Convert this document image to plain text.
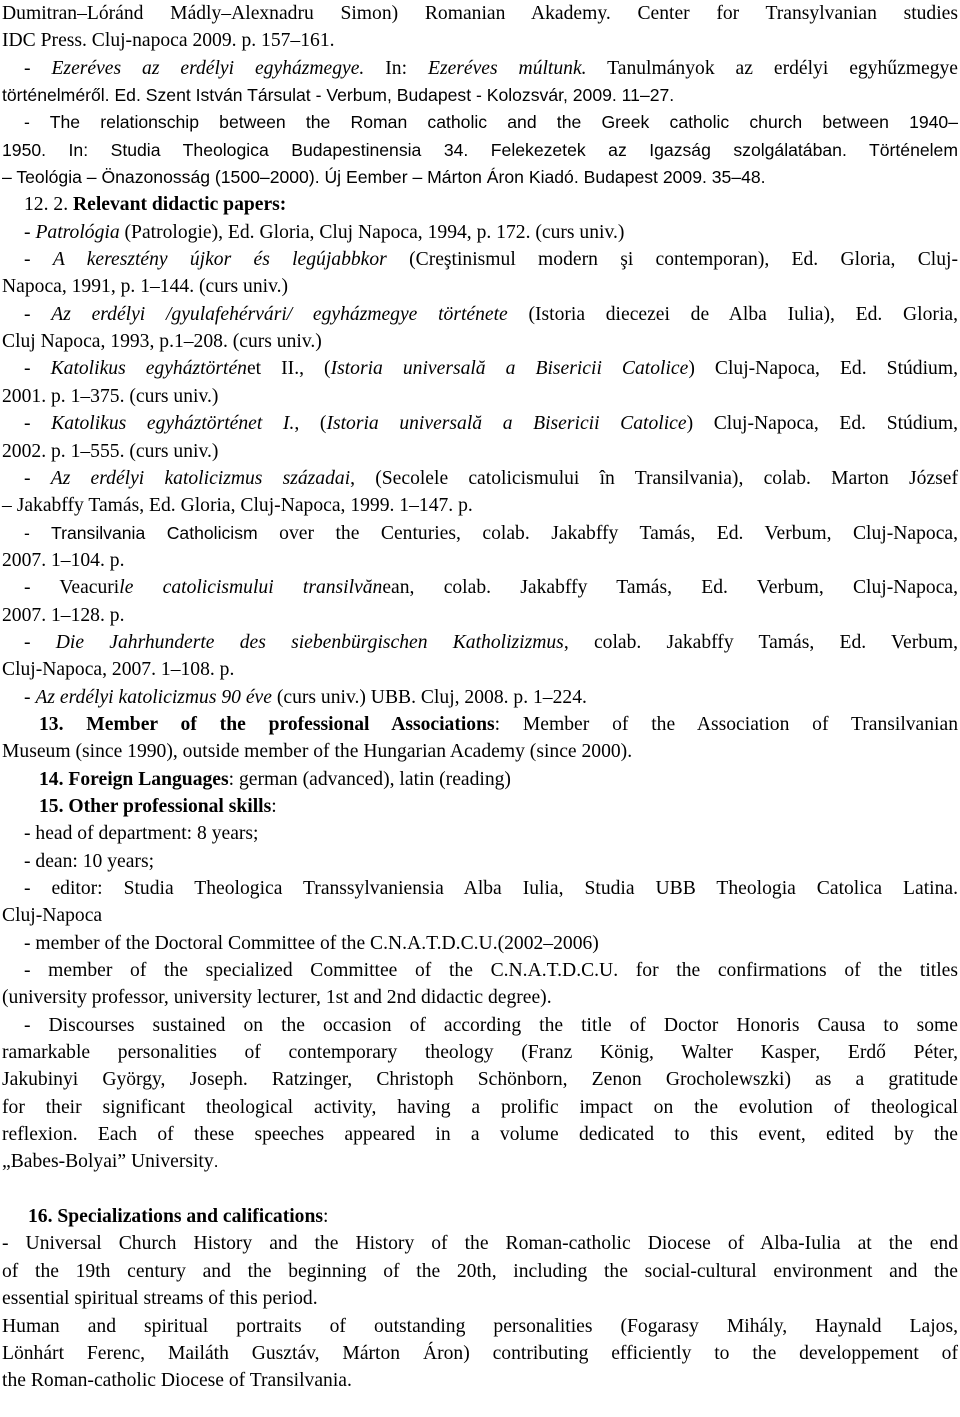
Dumitran–Lóránd Mádly–Alexnadru Simon) Romanian Akademy. Center for Transylvanian studies
IDC Press. Cluj-napoca 2009. p. 157–161.
- Ezeréves az erdélyi egyházmegye. In: Ezeréves múltunk. Tanulmányok az erdélyi egyhűzmegye
történelméről. Ed. Szent István Társulat - Verbum, Budapest - Kolozsvár, 2009. 11–27.
- The relationschip between the Roman catholic and the Greek catholic church between 1940–
1950. In: Studia Theologica Budapestinensia 34. Felekezetek az Igazság szolgálatában. Történelem
– Teológia – Önazonosság (1500–2000). Új Eember – Márton Áron Kiadó. Budapest 2009. 35–48.
12. 2. Relevant didactic papers:
- Patrológia (Patrologie), Ed. Gloria, Cluj Napoca, 1994, p. 172. (curs univ.)
- A keresztény újkor és legújabbkor (Creştinismul modern şi contemporan), Ed. Gloria, Cluj-
Napoca, 1991, p. 1–144. (curs univ.)
- Az erdélyi /gyulafehérvári/ egyházmegye története (Istoria diecezei de Alba Iulia), Ed. Gloria,
Cluj Napoca, 1993, p.1–208. (curs univ.)
- Katolikus egyháztörténet II., (Istoria universală a Bisericii Catolice) Cluj-Napoca, Ed. Stúdium,
2001. p. 1–375. (curs univ.)
- Katolikus egyháztörténet I., (Istoria universală a Bisericii Catolice) Cluj-Napoca, Ed. Stúdium,
2002. p. 1–555. (curs univ.)
- Az erdélyi katolicizmus századai, (Secolele catolicismului în Transilvania), colab. Marton József
– Jakabffy Tamás, Ed. Gloria, Cluj-Napoca, 1999. 1–147. p.
- Transilvania Catholicism over the Centuries, colab. Jakabffy Tamás, Ed. Verbum, Cluj-Napoca,
2007. 1–104. p.
- Veacurile catolicismului transilvănean, colab. Jakabffy Tamás, Ed. Verbum, Cluj-Napoca,
2007. 1–128. p.
- Die Jahrhunderte des siebenbürgischen Katholizizmus, colab. Jakabffy Tamás, Ed. Verbum,
Cluj-Napoca, 2007. 1–108. p.
- Az erdélyi katolicizmus 90 éve (curs univ.) UBB. Cluj, 2008. p. 1–224.
13. Member of the professional Associations: Member of the Association of Transilvanian
Museum (since 1990), outside member of the Hungarian Academy (since 2000).
14. Foreign Languages: german (advanced), latin (reading)
15. Other professional skills:
- head of department: 8 years;
- dean: 10 years;
- editor: Studia Theologica Transsylvaniensia Alba Iulia, Studia UBB Theologia Catolica Latina.
Cluj-Napoca
- member of the Doctoral Committee of the C.N.A.T.D.C.U.(2002–2006)
- member of the specialized Committee of the C.N.A.T.D.C.U. for the confirmations of the titles
(university professor, university lecturer, 1st and 2nd didactic degree).
- Discourses sustained on the occasion of according the title of Doctor Honoris Causa to some
ramarkable personalities of contemporary theology (Franz König, Walter Kasper, Erdő Péter,
Jakubinyi György, Joseph. Ratzinger, Christoph Schönborn, Zenon Grocholewszki) as a gratitude
for their significant theological activity, having a prolific impact on the evolution of theological
reflexion. Each of these speeches appeared in a volume dedicated to this event, edited by the
„Babes-Bolyai” University.
16. Specializations and califications:
- Universal Church History and the History of the Roman-catholic Diocese of Alba-Iulia at the end
of the 19th century and the beginning of the 20th, including the social-cultural environment and the
essential spiritual streams of this period.
Human and spiritual portraits of outstanding personalities (Fogarasy Mihály, Haynald Lajos,
Lönhárt Ferenc, Mailáth Gusztáv, Márton Áron) contributing efficiently to the developpement of
the Roman-catholic Diocese of Transilvania.
